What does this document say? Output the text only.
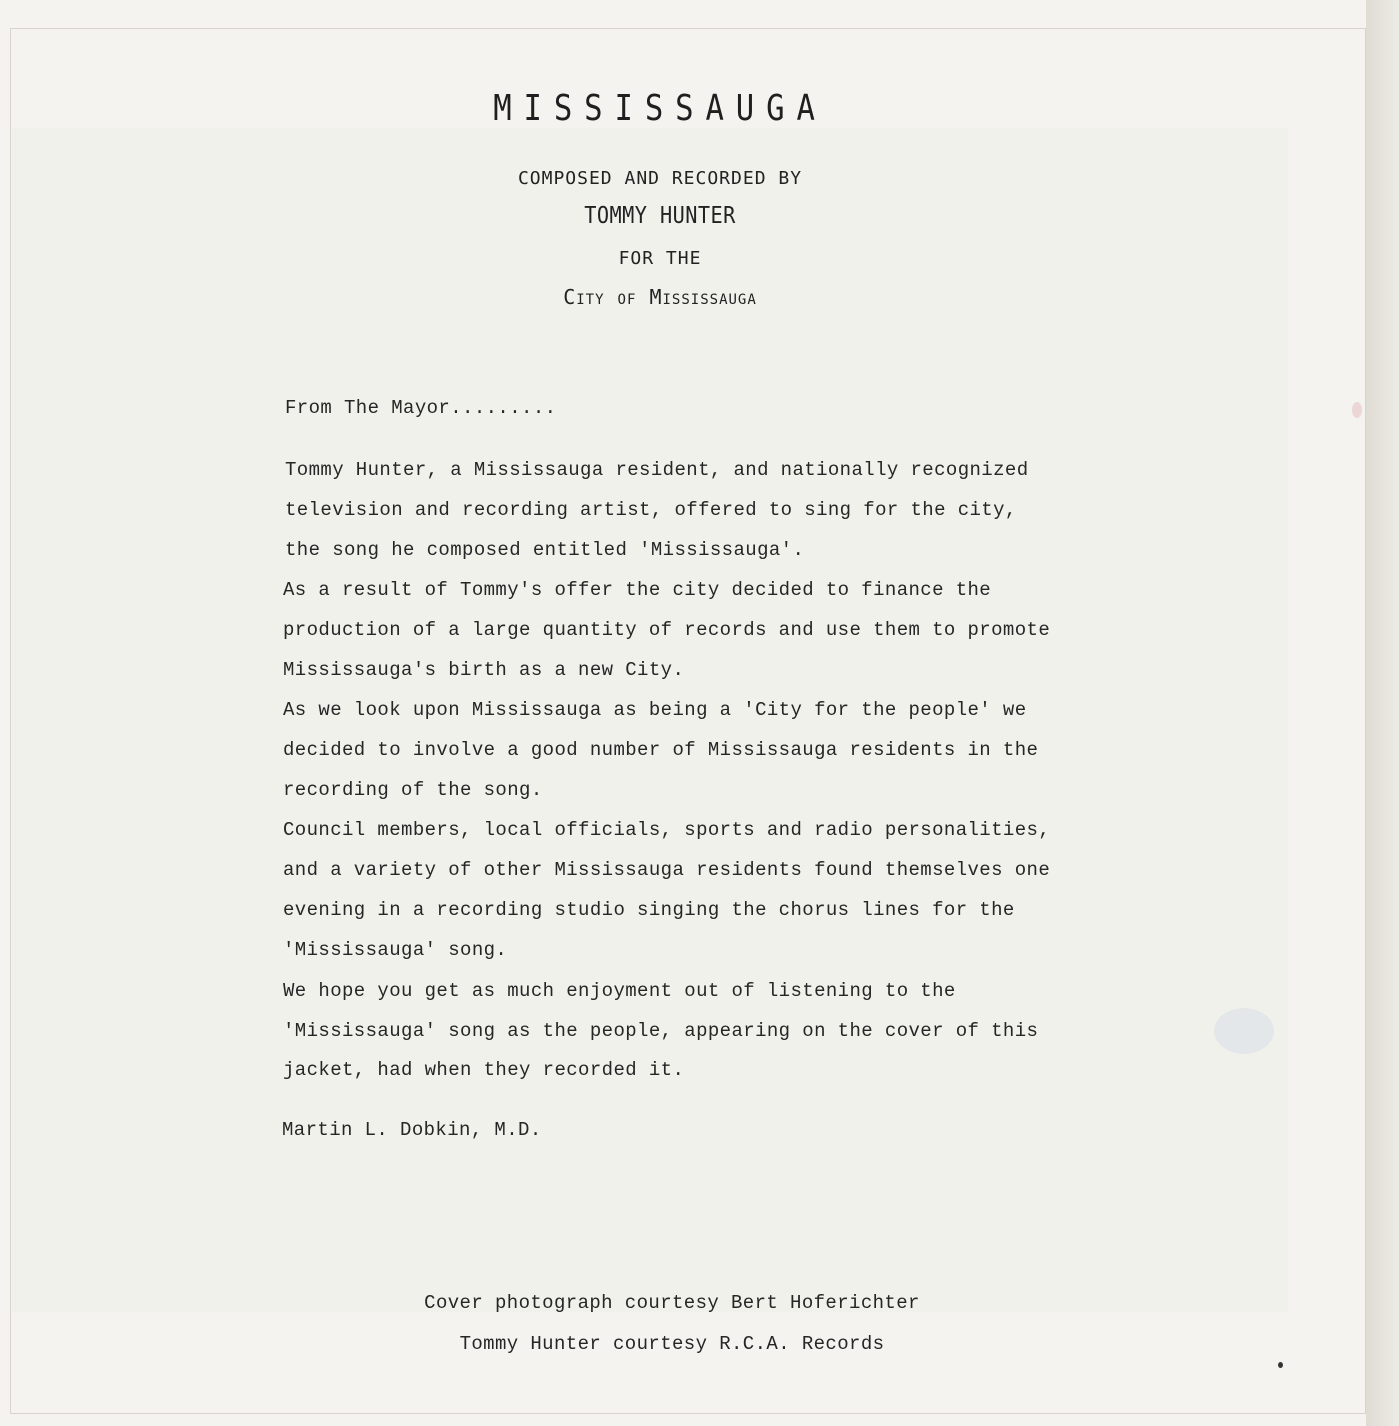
MISSISSAUGA
COMPOSED AND RECORDED BY
TOMMY HUNTER
FOR THE
City of Mississauga
From The Mayor.........
Tommy Hunter, a Mississauga resident, and nationally recognized
television and recording artist, offered to sing for the city,
the song he composed entitled 'Mississauga'.
As a result of Tommy's offer the city decided to finance the
production of a large quantity of records and use them to promote
Mississauga's birth as a new City.
As we look upon Mississauga as being a 'City for the people' we
decided to involve a good number of Mississauga residents in the
recording of the song.
Council members, local officials, sports and radio personalities,
and a variety of other Mississauga residents found themselves one
evening in a recording studio singing the chorus lines for the
'Mississauga' song.
We hope you get as much enjoyment out of listening to the
'Mississauga' song as the people, appearing on the cover of this
jacket, had when they recorded it.
Martin L. Dobkin, M.D.
Cover photograph courtesy Bert Hoferichter
Tommy Hunter courtesy R.C.A. Records
